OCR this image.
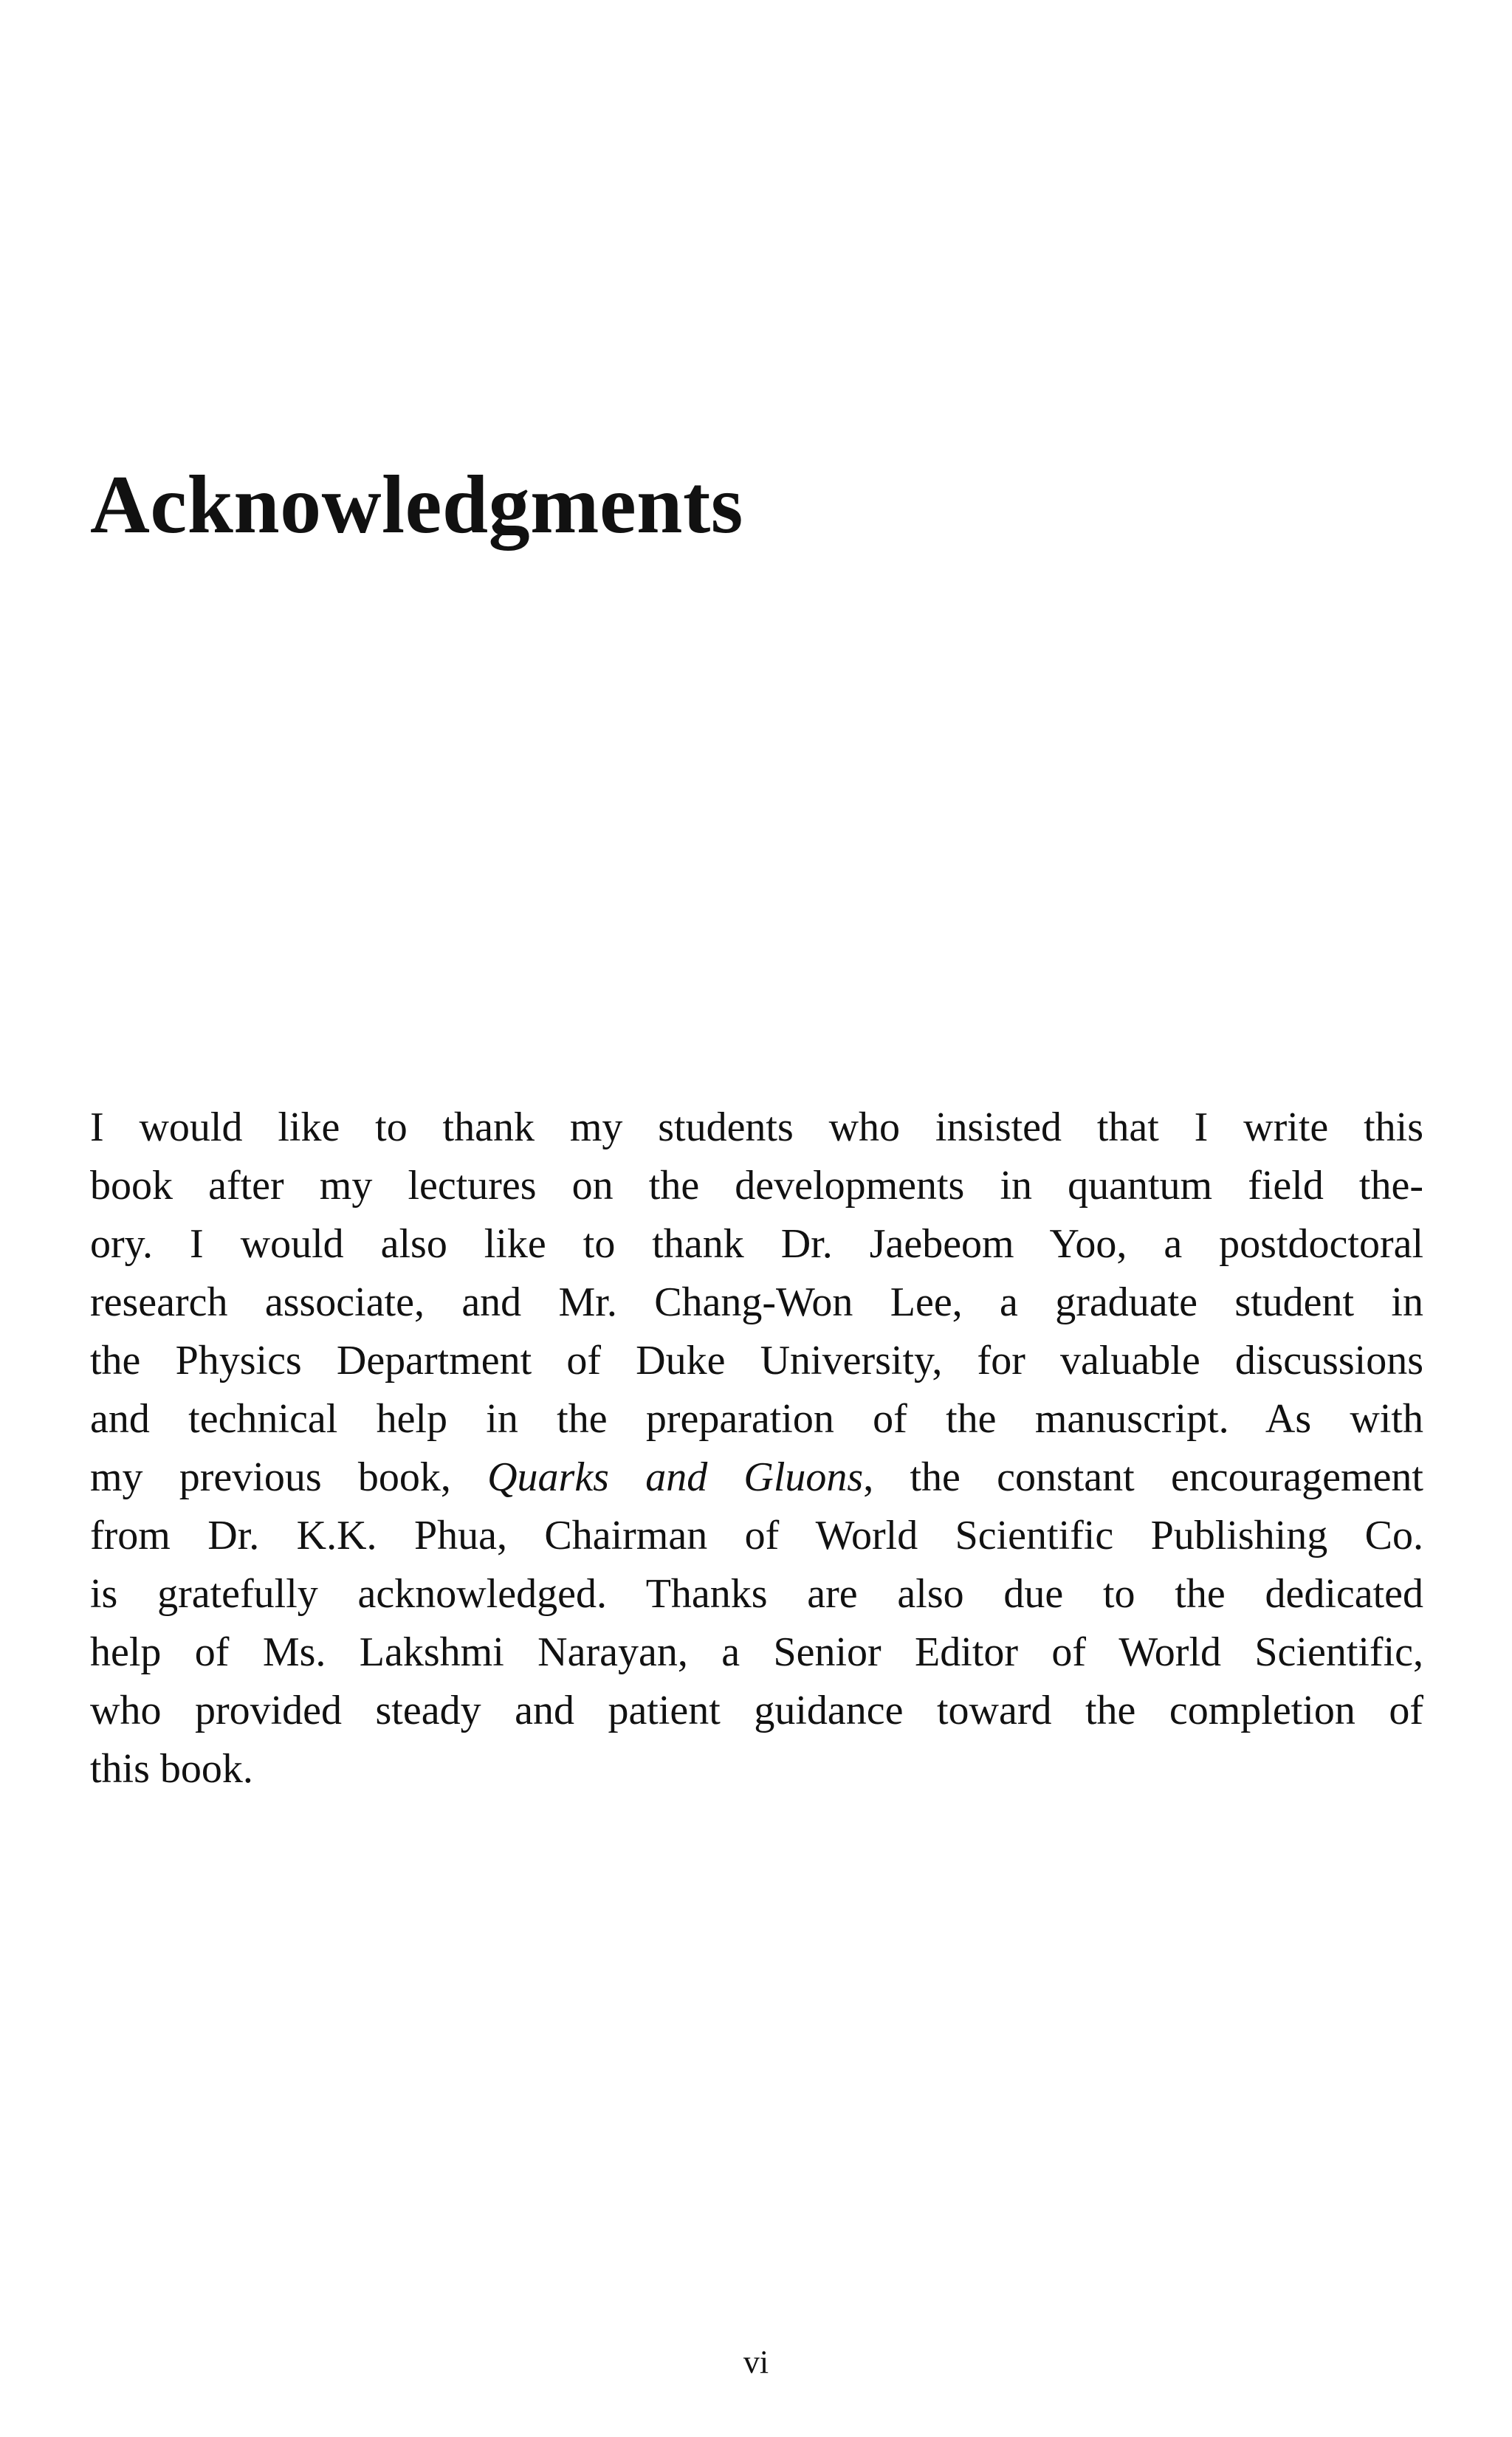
Acknowledgments
I would like to thank my students who insisted that I write this
book after my lectures on the developments in quantum field the-
ory. I would also like to thank Dr. Jaebeom Yoo, a postdoctoral
research associate, and Mr. Chang-Won Lee, a graduate student in
the Physics Department of Duke University, for valuable discussions
and technical help in the preparation of the manuscript. As with
my previous book, Quarks and Gluons, the constant encouragement
from Dr. K.K. Phua, Chairman of World Scientific Publishing Co.
is gratefully acknowledged. Thanks are also due to the dedicated
help of Ms. Lakshmi Narayan, a Senior Editor of World Scientific,
who provided steady and patient guidance toward the completion of
this book.
vi
